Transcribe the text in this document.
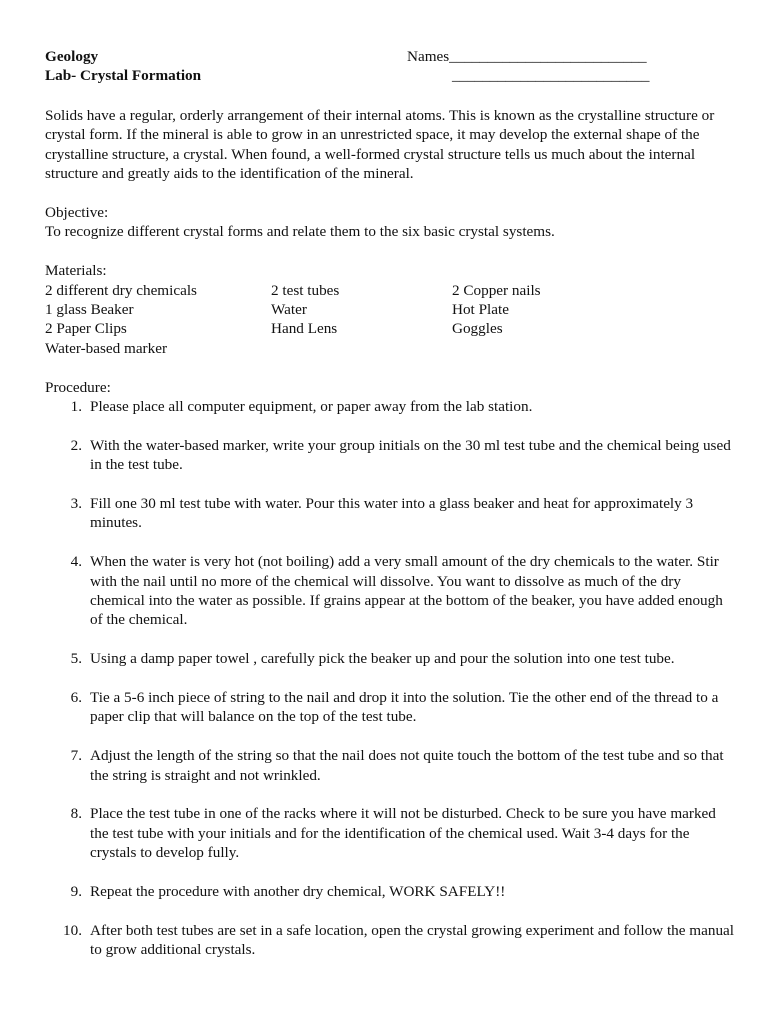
Geology
Lab- Crystal Formation
Names__________________________
__________________________

Solids have a regular, orderly arrangement of their internal atoms. This is known as the crystalline structure or crystal form. If the mineral is able to grow in an unrestricted space, it may develop the external shape of the crystalline structure, a crystal. When found, a well-formed crystal structure tells us much about the internal structure and greatly aids to the identification of the mineral.

Objective:

To recognize different crystal forms and relate them to the six basic crystal systems.

Materials:

2 different dry chemicals
1 glass Beaker
2 Paper Clips
Water-based marker
2 test tubes
Water
Hand Lens
2 Copper nails
Hot Plate
Goggles

Procedure:

1. Please place all computer equipment, or paper away from the lab station.
2. With the water-based marker, write your group initials on the 30 ml test tube and the chemical being used in the test tube.
3. Fill one 30 ml test tube with water. Pour this water into a glass beaker and heat for approximately 3 minutes.
4. When the water is very hot (not boiling) add a very small amount of the dry chemicals to the water. Stir with the nail until no more of the chemical will dissolve. You want to dissolve as much of the dry chemical into the water as possible. If grains appear at the bottom of the beaker, you have added enough of the chemical.
5. Using a damp paper towel , carefully pick the beaker up and pour the solution into one test tube.
6. Tie a 5-6 inch piece of string to the nail and drop it into the solution. Tie the other end of the thread to a paper clip that will balance on the top of the test tube.
7. Adjust the length of the string so that the nail does not quite touch the bottom of the test tube and so that the string is straight and not wrinkled.
8. Place the test tube in one of the racks where it will not be disturbed. Check to be sure you have marked the test tube with your initials and for the identification of the chemical used. Wait 3-4 days for the crystals to develop fully.
9. Repeat the procedure with another dry chemical, WORK SAFELY!!
10. After both test tubes are set in a safe location, open the crystal growing experiment and follow the manual to grow additional crystals.
